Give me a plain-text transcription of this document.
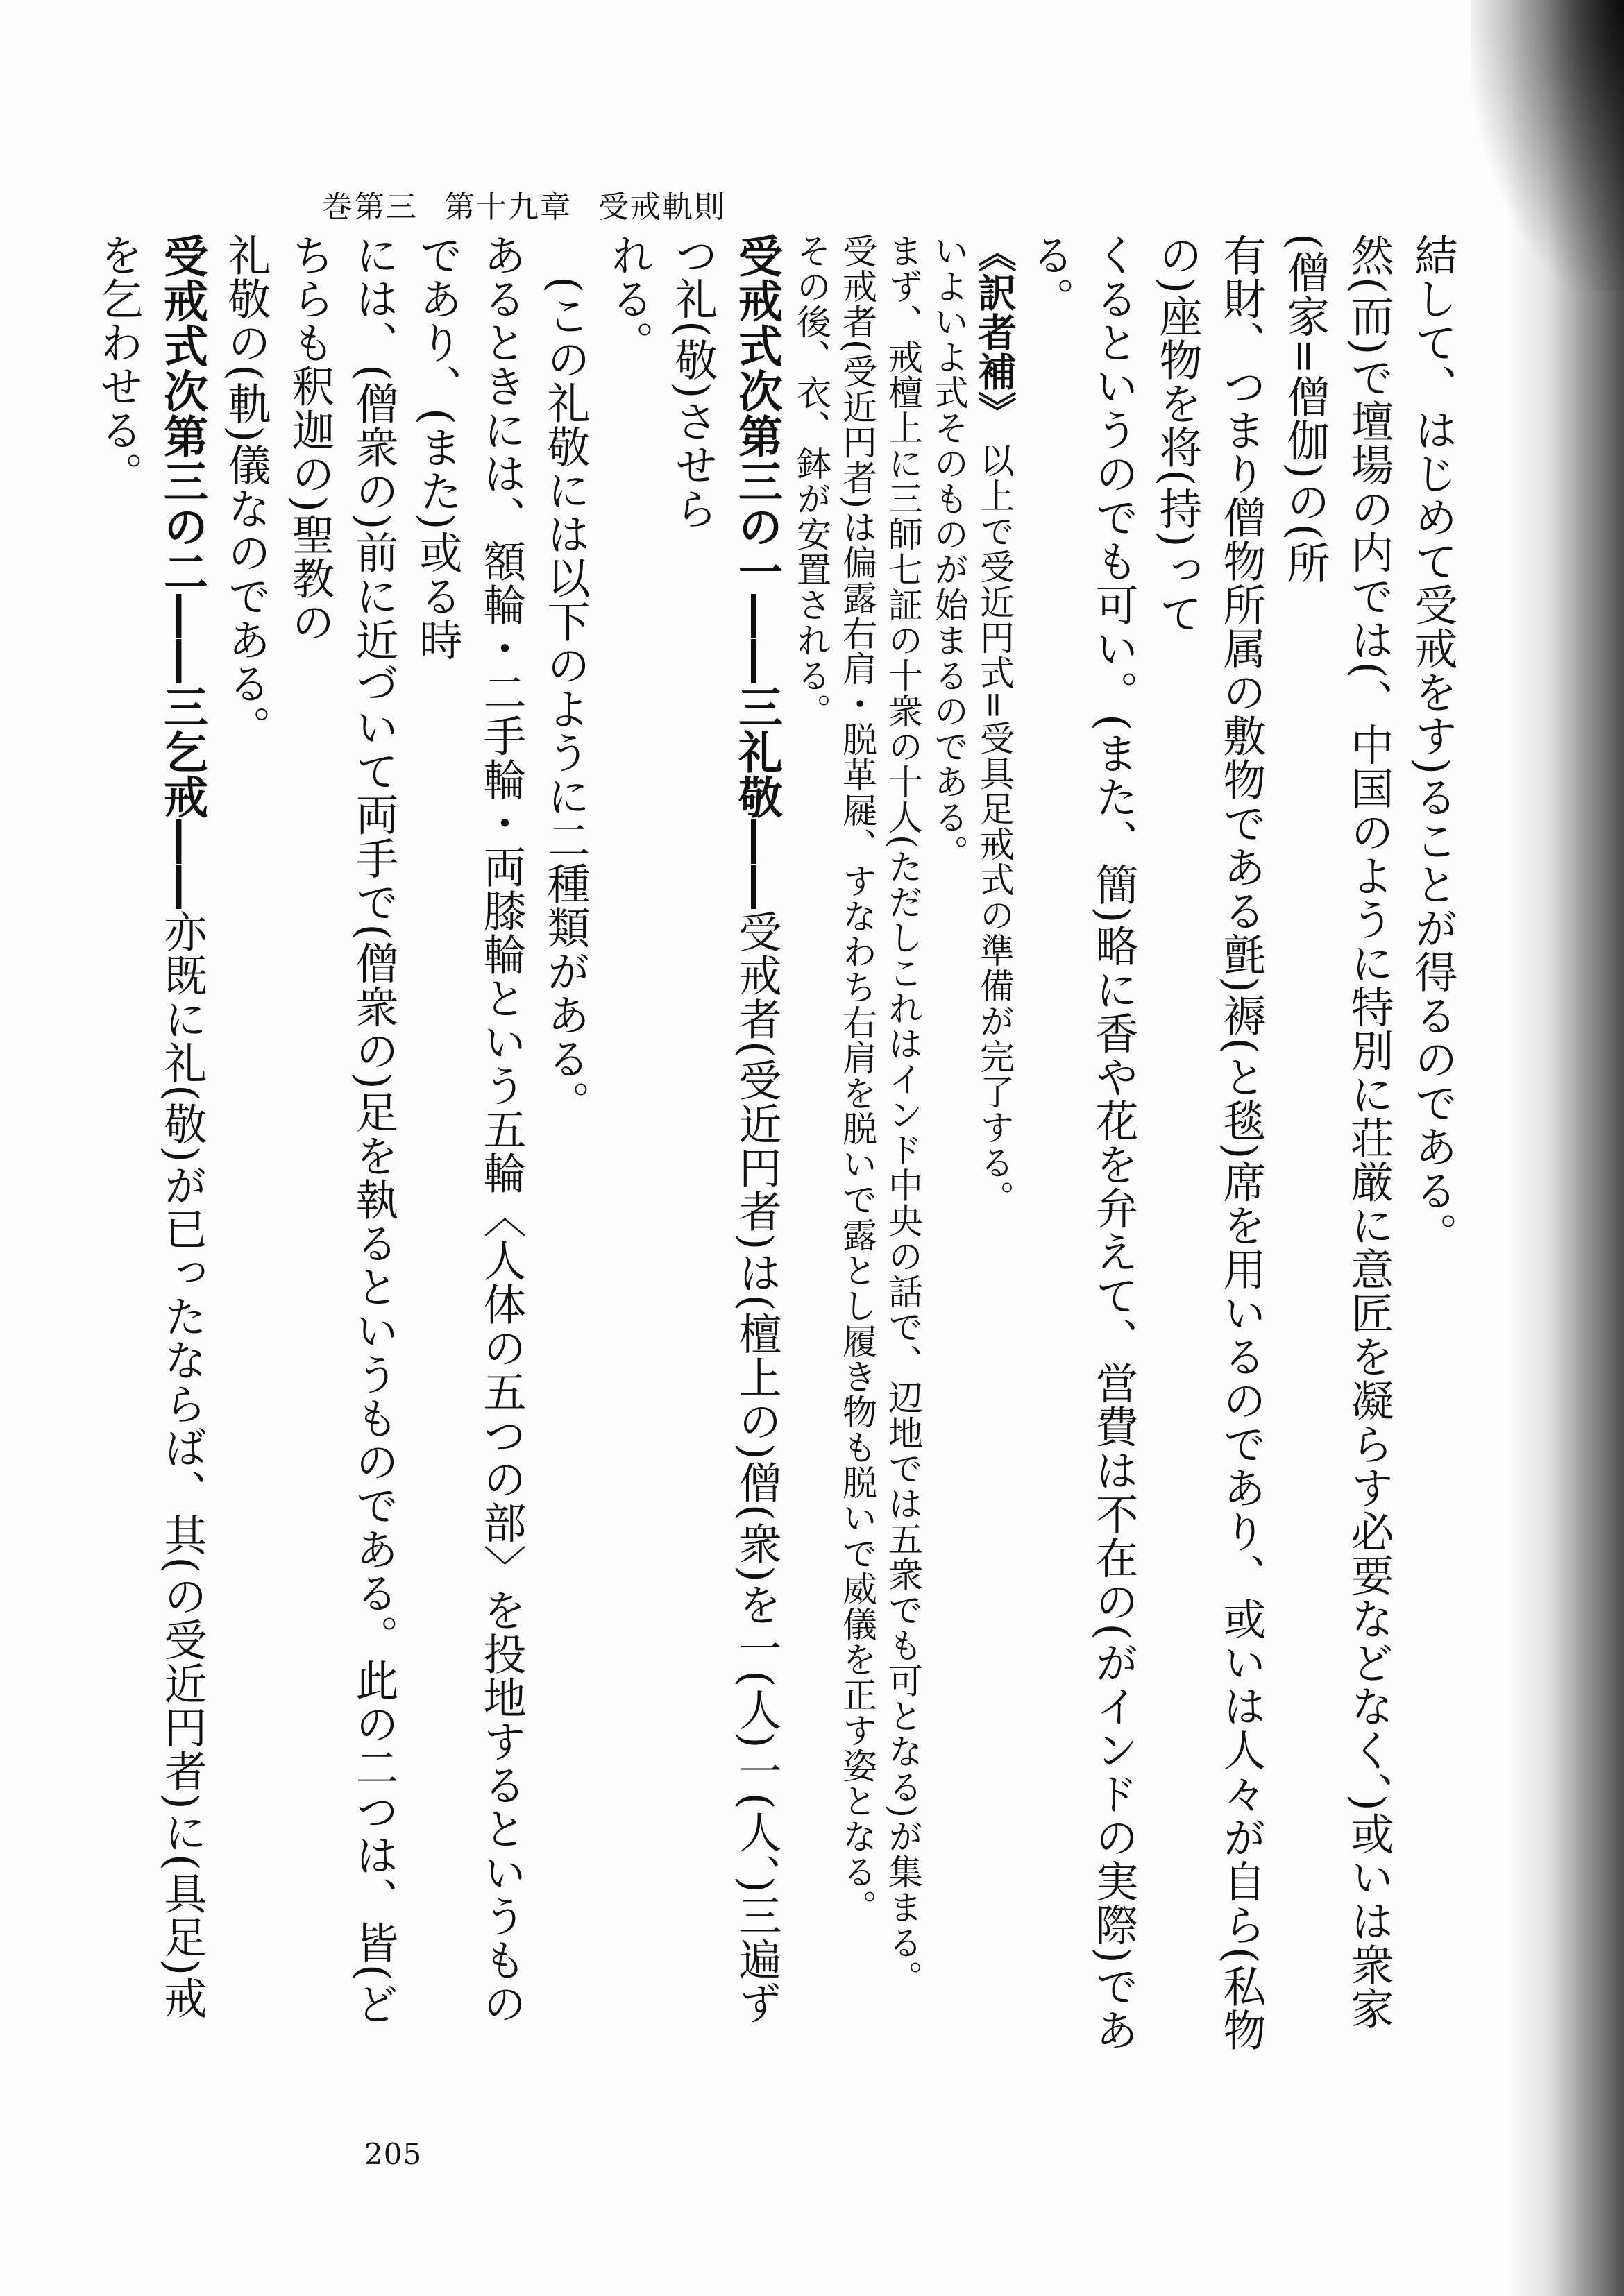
巻第三 第十九章 受戒軌則

結して、はじめて受戒をす)ることが得るのである。

然(而)で壇場の内では(、中国のように特別に荘厳に意匠を凝らす必要などなく、)或いは衆家(僧家=僧伽)の(所

有財、つまり僧物所属の敷物である氈)褥(と毯)席を用いるのであり、或いは人々が自ら(私物の)座物を将(持)って

くるというのでも可い。(また、簡)略に香や花を弁えて、営費は不在の(がインドの実際)である。

《訳者補》 以上で受近円式=受具足戒式の準備が完了する。

いよいよ式そのものが始まるのである。

まず、戒檀上に三師七証の十衆の十人(ただしこれはインド中央の話で、辺地では五衆でも可となる)が集まる。

受戒者(受近円者)は偏露右肩・脱革屣、すなわち右肩を脱いで露とし履き物も脱いで威儀を正す姿となる。

その後、衣、鉢が安置される。

受戒式次第三の一――三礼敬――受戒者(受近円者)は(檀上の)僧(衆)を一(人)一(人、)三遍ずつ礼(敬)させら

れる。

(この礼敬には以下のように二種類がある。

あるときには、額輪・二手輪・両膝輪という五輪〈人体の五つの部〉を投地するというものであり、(また)或る時

には、(僧衆の)前に近づいて両手で(僧衆の)足を執るというものである。此の二つは、皆(どちらも釈迦の)聖教の

礼敬の(軌)儀なのである。

受戒式次第三の二――三乞戒――亦既に礼(敬)が已ったならば、其(の受近円者)に(具足)戒を乞わせる。

205
